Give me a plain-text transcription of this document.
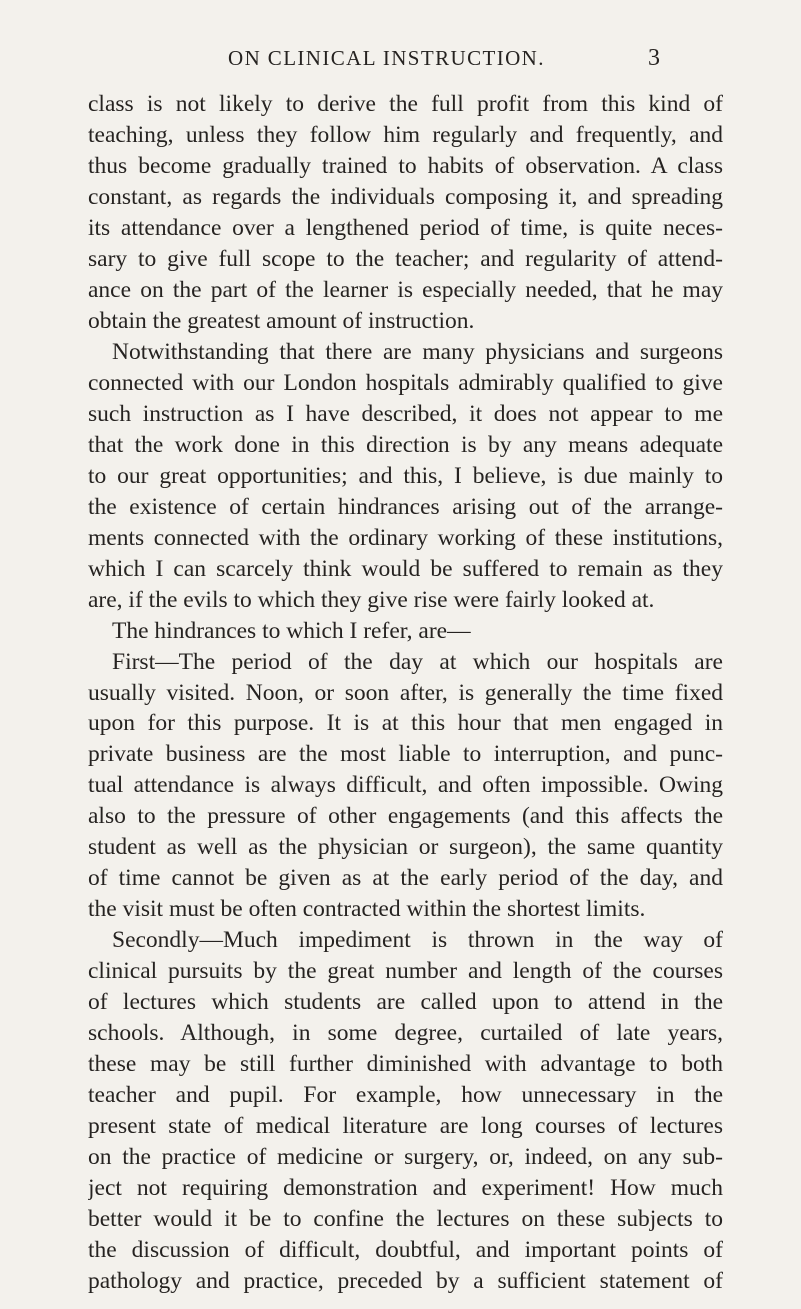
ON CLINICAL INSTRUCTION.	3
class is not likely to derive the full profit from this kind of
teaching, unless they follow him regularly and frequently, and
thus become gradually trained to habits of observation. A class
constant, as regards the individuals composing it, and spreading
its attendance over a lengthened period of time, is quite neces-
sary to give full scope to the teacher; and regularity of attend-
ance on the part of the learner is especially needed, that he may
obtain the greatest amount of instruction.
Notwithstanding that there are many physicians and surgeons
connected with our London hospitals admirably qualified to give
such instruction as I have described, it does not appear to me
that the work done in this direction is by any means adequate
to our great opportunities; and this, I believe, is due mainly to
the existence of certain hindrances arising out of the arrange-
ments connected with the ordinary working of these institutions,
which I can scarcely think would be suffered to remain as they
are, if the evils to which they give rise were fairly looked at.
The hindrances to which I refer, are—
First—The period of the day at which our hospitals are
usually visited. Noon, or soon after, is generally the time fixed
upon for this purpose. It is at this hour that men engaged in
private business are the most liable to interruption, and punc-
tual attendance is always difficult, and often impossible. Owing
also to the pressure of other engagements (and this affects the
student as well as the physician or surgeon), the same quantity
of time cannot be given as at the early period of the day, and
the visit must be often contracted within the shortest limits.
Secondly—Much impediment is thrown in the way of
clinical pursuits by the great number and length of the courses
of lectures which students are called upon to attend in the
schools. Although, in some degree, curtailed of late years,
these may be still further diminished with advantage to both
teacher and pupil. For example, how unnecessary in the
present state of medical literature are long courses of lectures
on the practice of medicine or surgery, or, indeed, on any sub-
ject not requiring demonstration and experiment! How much
better would it be to confine the lectures on these subjects to
the discussion of difficult, doubtful, and important points of
pathology and practice, preceded by a sufficient statement of
